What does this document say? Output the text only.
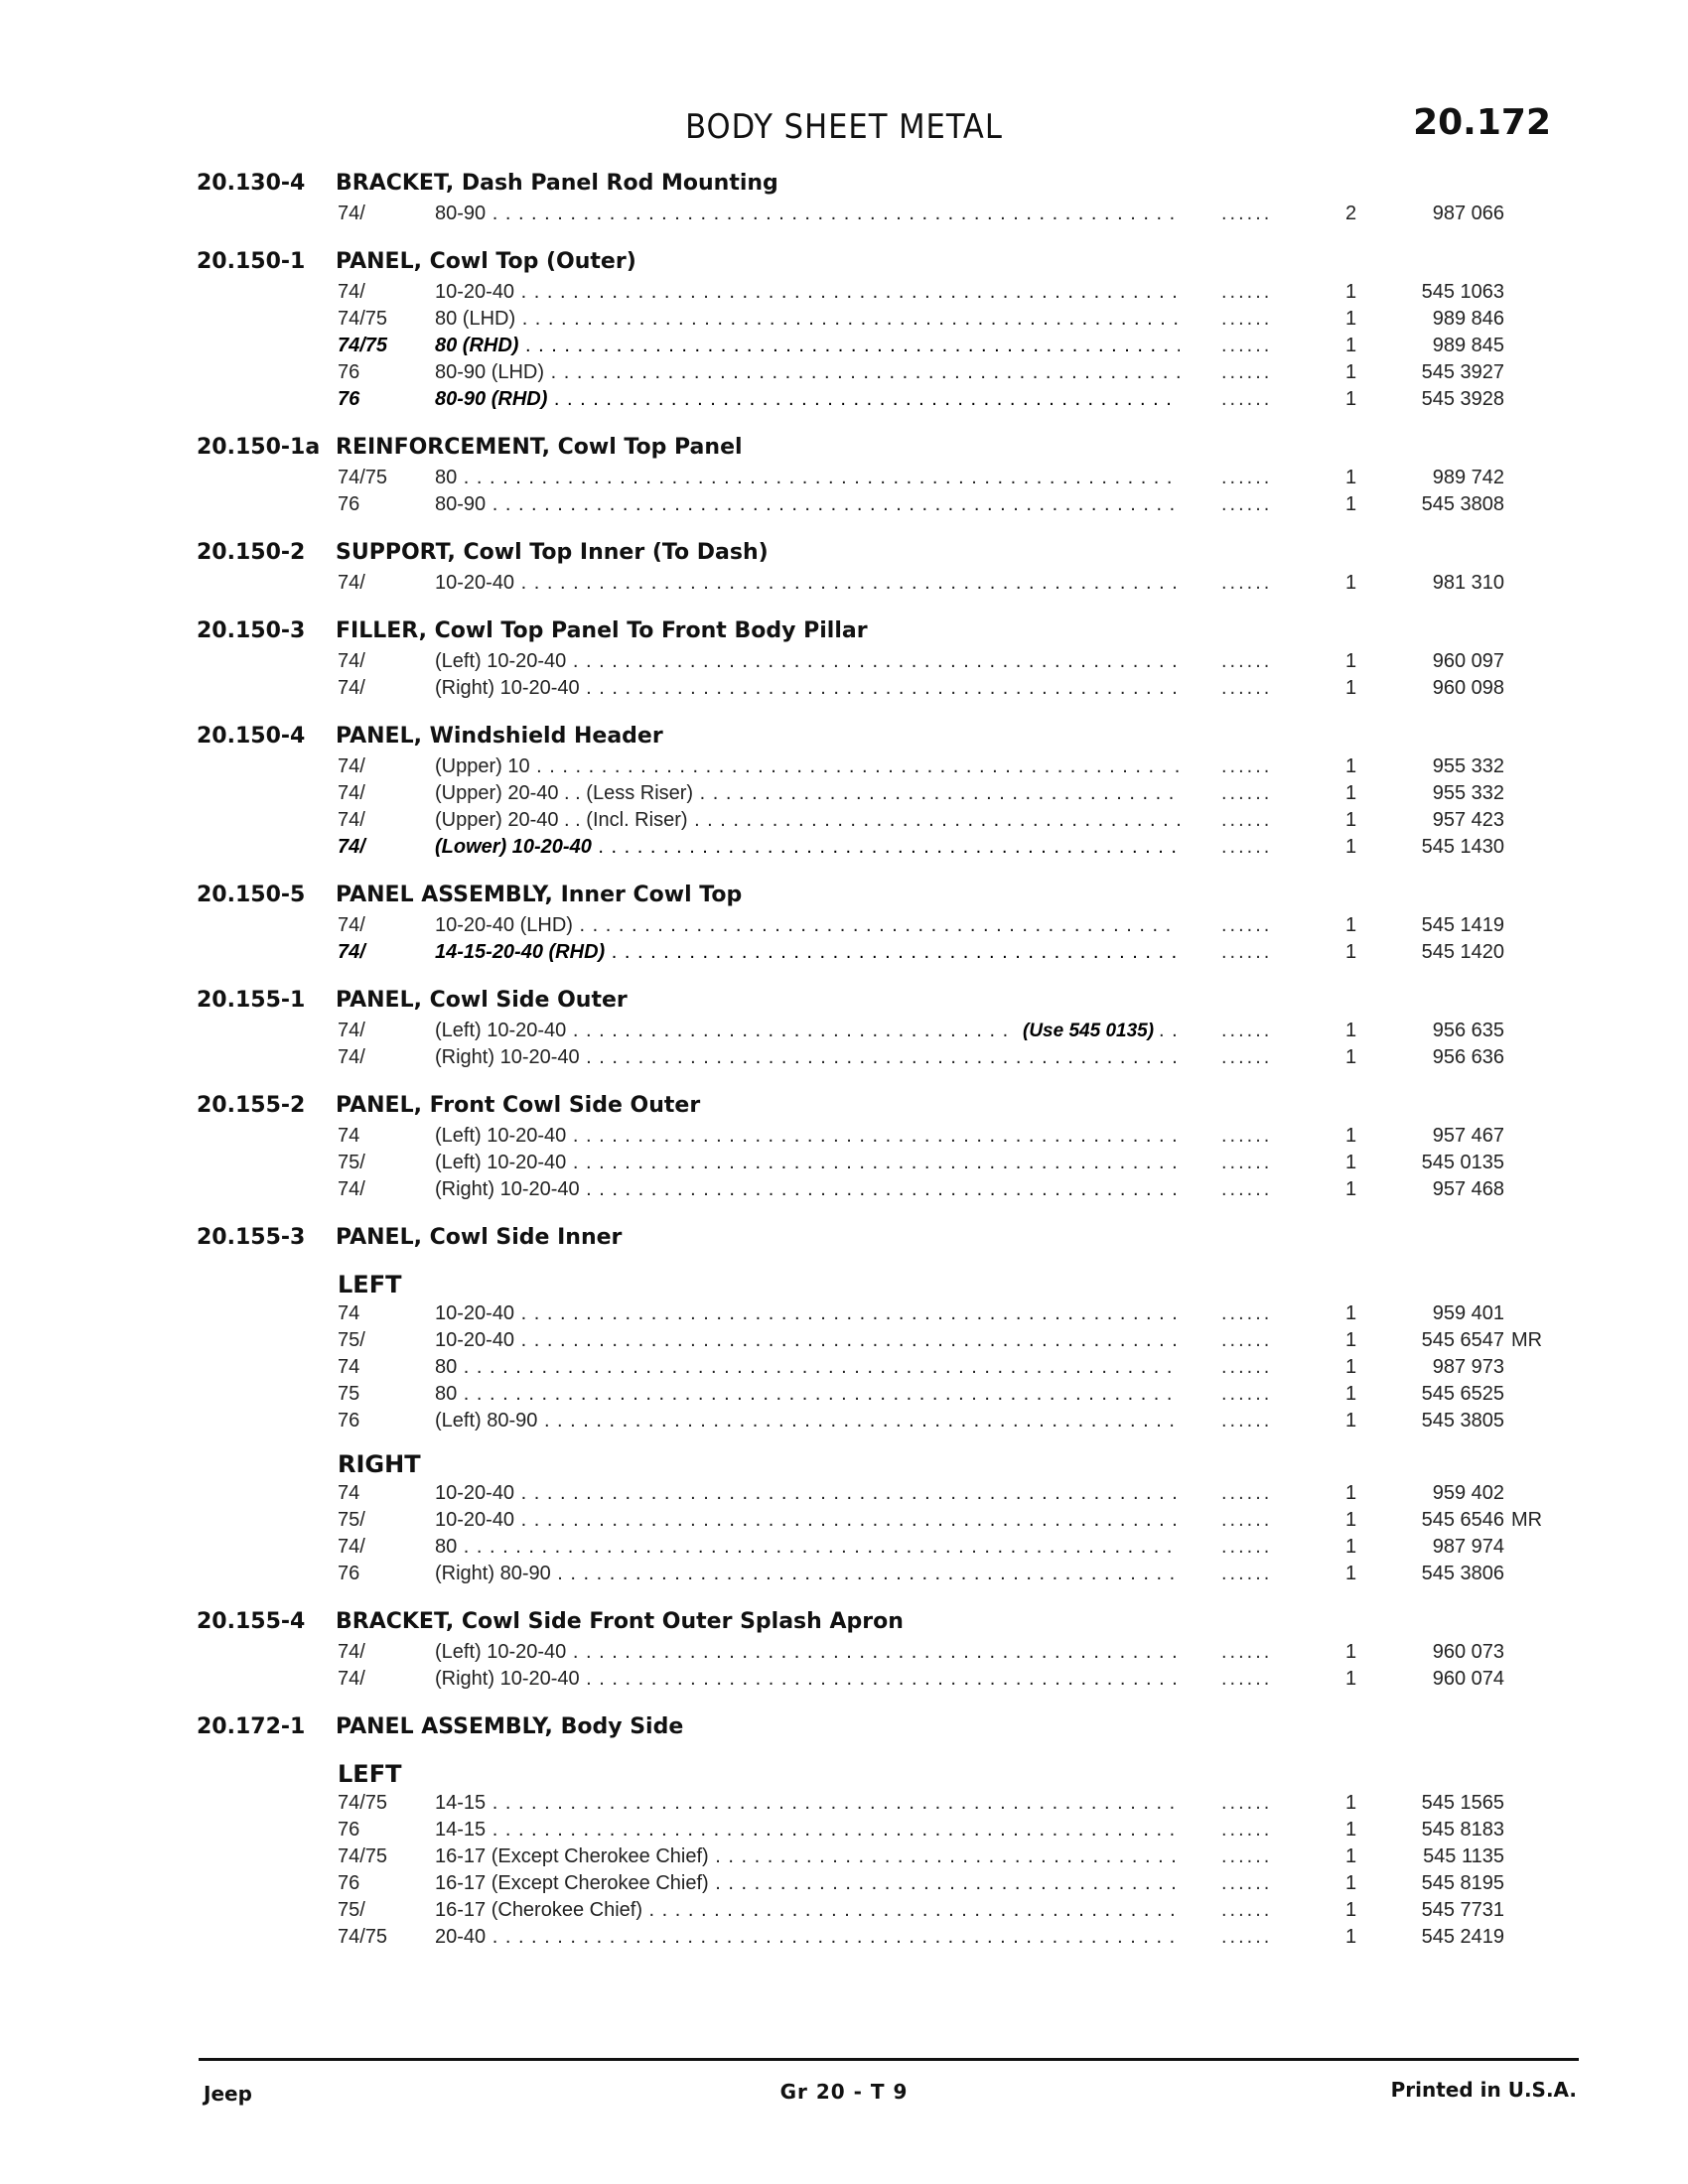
BODY SHEET METAL	20.172
20.130-4 BRACKET, Dash Panel Rod Mounting
74/	80-90 . . .	......	2	987 066
20.150-1 PANEL, Cowl Top (Outer)
74/	10-20-40 . . .	......	1	545 1063
74/75 80 (LHD) . . .	......	1	989 846
74/75 80 (RHD) . . .	......	1	989 845
76	80-90 (LHD) . . .	......	1	545 3927
76	80-90 (RHD) . . .	......	1	545 3928
20.150-1a REINFORCEMENT, Cowl Top Panel
74/75 80 . . .	......	1	989 742
76	80-90 . . .	......	1	545 3808
20.150-2 SUPPORT, Cowl Top Inner (To Dash)
74/	10-20-40 . . .	......	1	981 310
20.150-3 FILLER, Cowl Top Panel To Front Body Pillar
74/	(Left) 10-20-40 . . .	......	1	960 097
74/	(Right) 10-20-40 . . .	......	1	960 098
20.150-4 PANEL, Windshield Header
74/	(Upper) 10 . . .	......	1	955 332
74/	(Upper) 20-40 . . (Less Riser) . . .	......	1	955 332
74/	(Upper) 20-40 . . (Incl. Riser) . . .	......	1	957 423
74/	(Lower) 10-20-40 . . .	......	1	545 1430
20.150-5 PANEL ASSEMBLY, Inner Cowl Top
74/	10-20-40 (LHD) . . .	......	1	545 1419
74/	14-15-20-40 (RHD) . . .	......	1	545 1420
20.155-1 PANEL, Cowl Side Outer
74/	(Left) 10-20-40 . . .	(Use 545 0135)	......	1	956 635
74/	(Right) 10-20-40 . . .	......	1	956 636
20.155-2 PANEL, Front Cowl Side Outer
74	(Left) 10-20-40 . . .	......	1	957 467
75/	(Left) 10-20-40 . . .	......	1	545 0135
74/	(Right) 10-20-40 . . .	......	1	957 468
20.155-3 PANEL, Cowl Side Inner
LEFT
74	10-20-40 . . .	......	1	959 401
75/	10-20-40 . . .	......	1	545 6547 MR
74	80 . . .	......	1	987 973
75	80 . . .	......	1	545 6525
76	(Left) 80-90 . . .	......	1	545 3805
RIGHT
74	10-20-40 . . .	......	1	959 402
75/	10-20-40 . . .	......	1	545 6546 MR
74/	80 . . .	......	1	987 974
76	(Right) 80-90 . . .	......	1	545 3806
20.155-4 BRACKET, Cowl Side Front Outer Splash Apron
74/	(Left) 10-20-40 . . .	......	1	960 073
74/	(Right) 10-20-40 . . .	......	1	960 074
20.172-1 PANEL ASSEMBLY, Body Side
LEFT
74/75 14-15 . . .	......	1	545 1565
76	14-15 . . .	......	1	545 8183
74/75 16-17 (Except Cherokee Chief) . . .	......	1	545 1135
76	16-17 (Except Cherokee Chief) . . .	......	1	545 8195
75/	16-17 (Cherokee Chief) . . .	......	1	545 7731
74/75 20-40 . . .	......	1	545 2419
Jeep	Gr 20 - T 9	Printed in U.S.A.
